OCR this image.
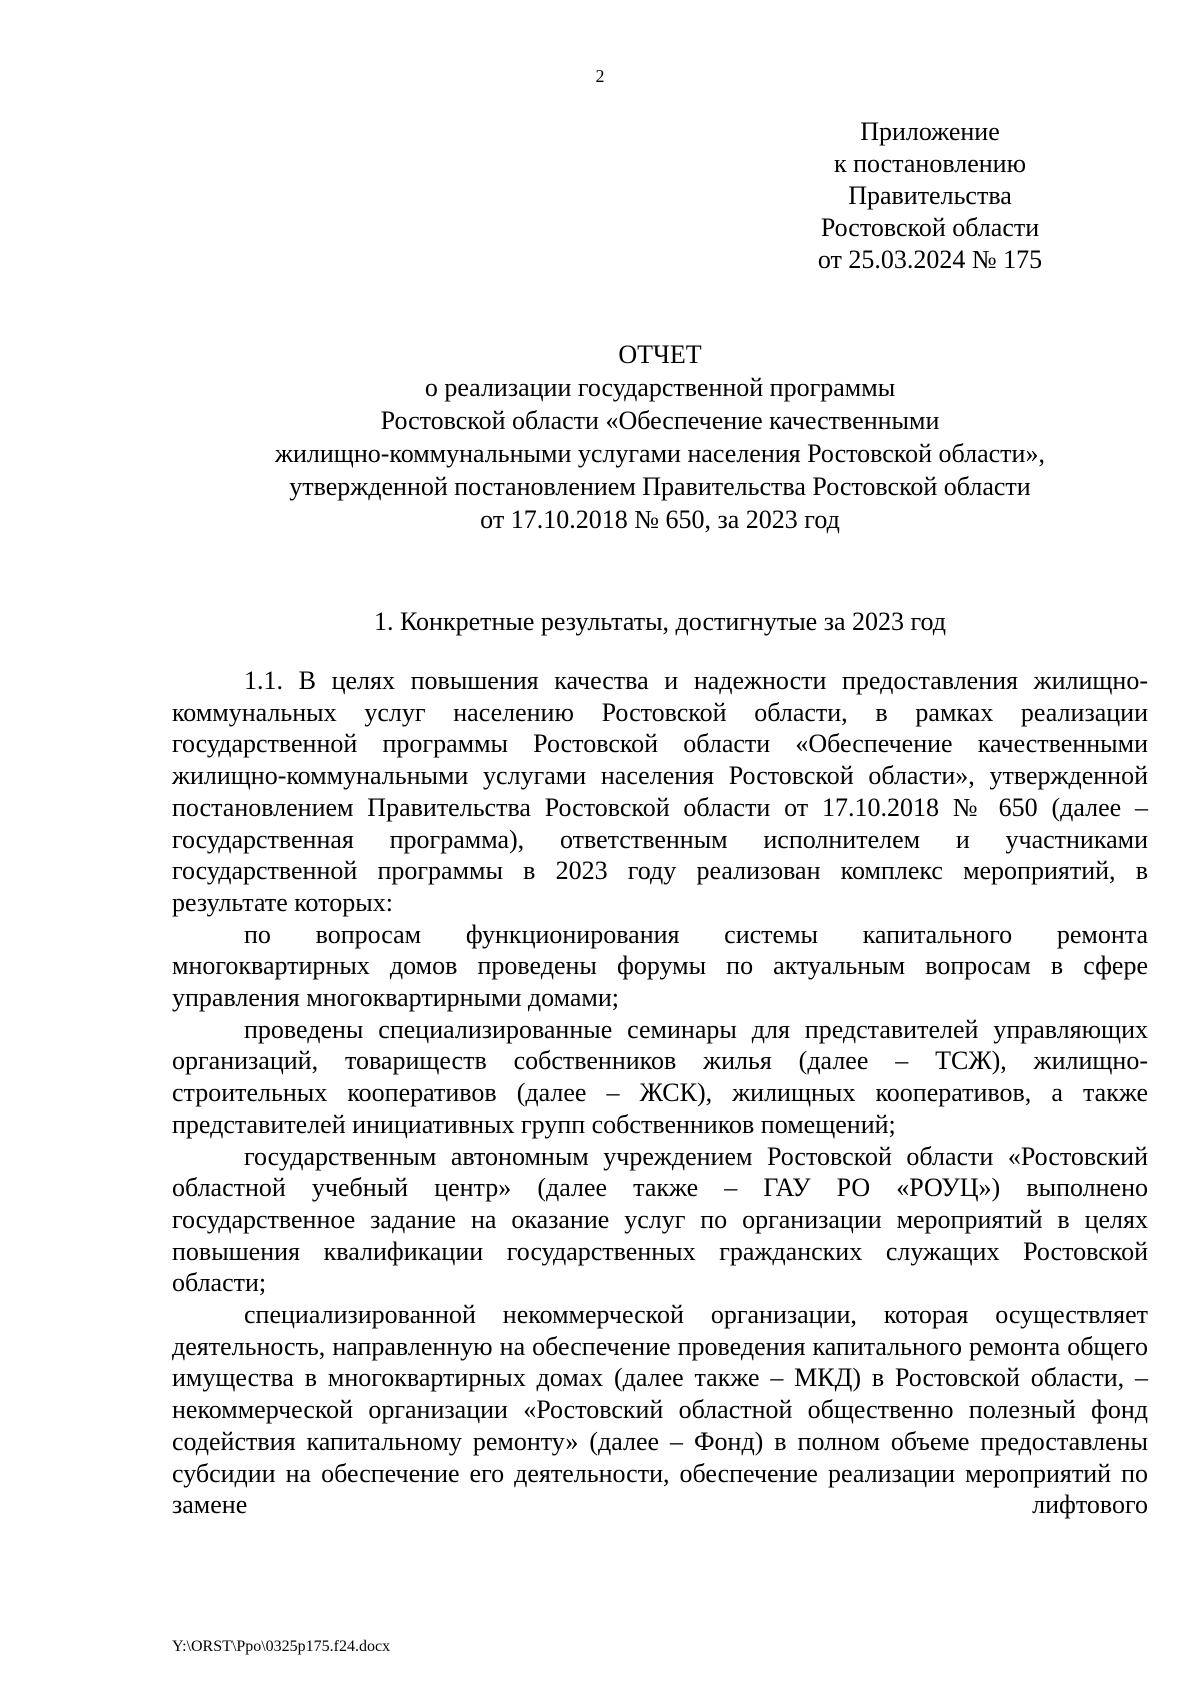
2
Приложение
к постановлению
Правительства
Ростовской области
от 25.03.2024 № 175
ОТЧЕТ
о реализации государственной программы
Ростовской области «Обеспечение качественными
жилищно-коммунальными услугами населения Ростовской области»,
утвержденной постановлением Правительства Ростовской области
от 17.10.2018 № 650, за 2023 год
1. Конкретные результаты, достигнутые за 2023 год

1.1. В целях повышения качества и надежности предоставления жилищно-коммунальных услуг населению Ростовской области, в рамках реализации государственной программы Ростовской области «Обеспечение качественными жилищно-коммунальными услугами населения Ростовской области», утвержденной постановлением Правительства Ростовской области от 17.10.2018 № 650 (далее – государственная программа), ответственным исполнителем и участниками государственной программы в 2023 году реализован комплекс мероприятий, в результате которых:

по вопросам функционирования системы капитального ремонта многоквартирных домов проведены форумы по актуальным вопросам в сфере управления многоквартирными домами;

проведены специализированные семинары для представителей управляющих организаций, товариществ собственников жилья (далее – ТСЖ), жилищно-строительных кооперативов (далее – ЖСК), жилищных кооперативов, а также представителей инициативных групп собственников помещений;

государственным автономным учреждением Ростовской области «Ростовский областной учебный центр» (далее также – ГАУ РО «РОУЦ») выполнено государственное задание на оказание услуг по организации мероприятий в целях повышения квалификации государственных гражданских служащих Ростовской области;

специализированной некоммерческой организации, которая осуществляет деятельность, направленную на обеспечение проведения капитального ремонта общего имущества в многоквартирных домах (далее также – МКД) в Ростовской области, – некоммерческой организации «Ростовский областной общественно полезный фонд содействия капитальному ремонту» (далее – Фонд) в полном объеме предоставлены субсидии на обеспечение его деятельности, обеспечение реализации мероприятий по замене лифтового

Y:\ORST\Ppo\0325p175.f24.docx
